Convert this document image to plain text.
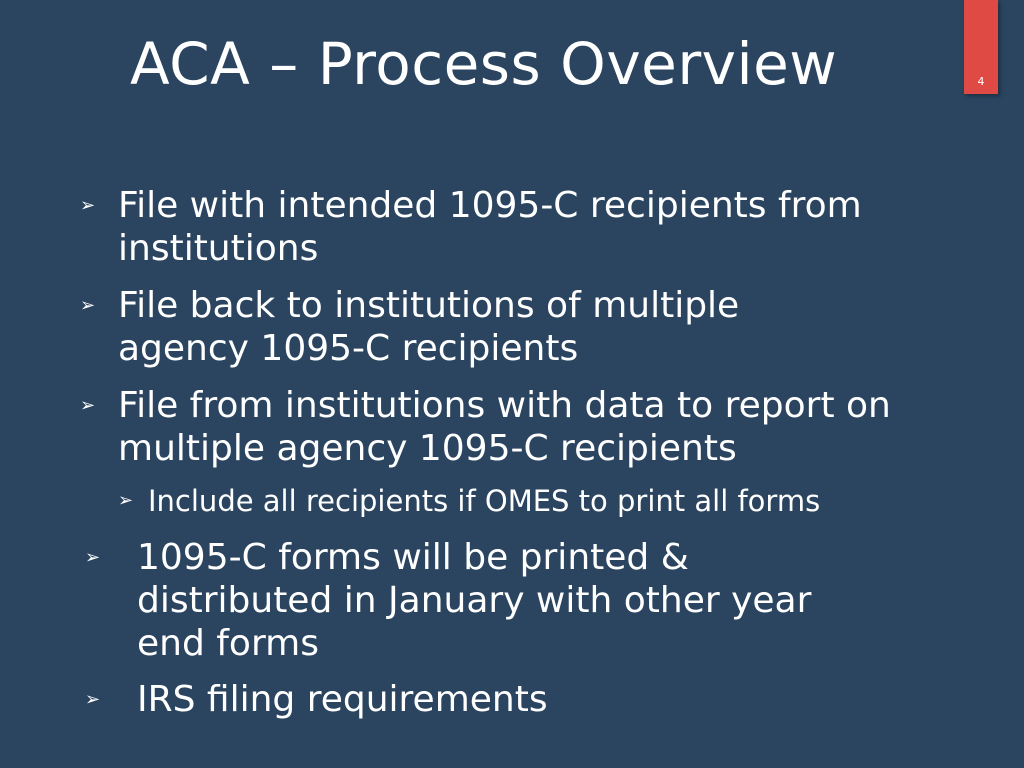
ACA – Process Overview	4
➢ File with intended 1095-C recipients from
institutions
➢ File back to institutions of multiple
agency 1095-C recipients
➢ File from institutions with data to report on
multiple agency 1095-C recipients
➢ Include all recipients if OMES to print all forms
➢ 1095-C forms will be printed &
distributed in January with other year
end forms
➢ IRS filing requirements
